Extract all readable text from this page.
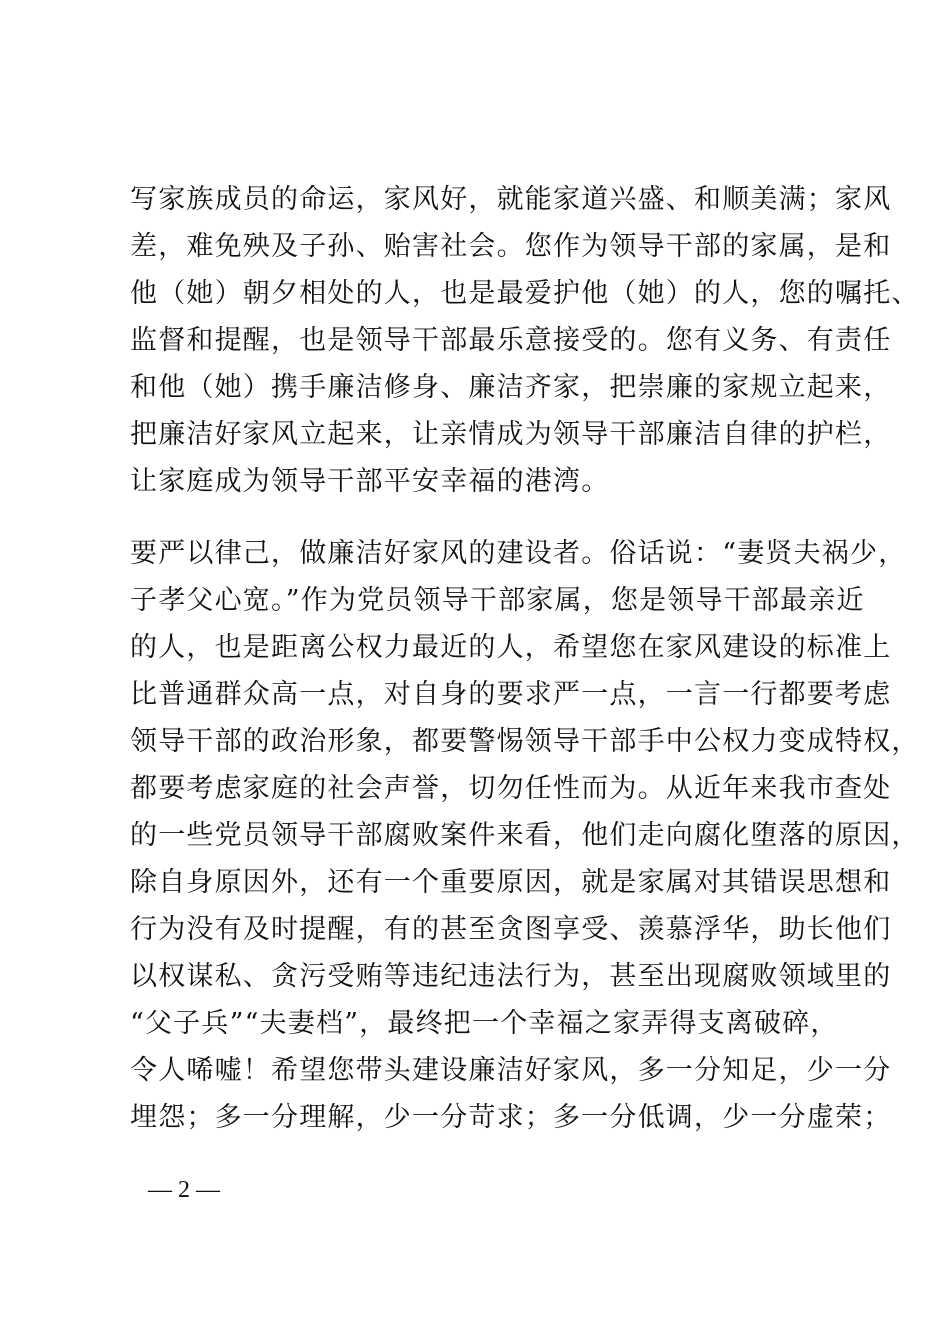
写家族成员的命运，家风好，就能家道兴盛、和顺美满；家风
差，难免殃及子孙、贻害社会。您作为领导干部的家属，是和
他（她）朝夕相处的人，也是最爱护他（她）的人，您的嘱托、
监督和提醒，也是领导干部最乐意接受的。您有义务、有责任
和他（她）携手廉洁修身、廉洁齐家，把崇廉的家规立起来，
把廉洁好家风立起来，让亲情成为领导干部廉洁自律的护栏，
让家庭成为领导干部平安幸福的港湾。
要严以律己，做廉洁好家风的建设者。俗话说：“妻贤夫祸少，
子孝父心宽。”作为党员领导干部家属，您是领导干部最亲近
的人，也是距离公权力最近的人，希望您在家风建设的标准上
比普通群众高一点，对自身的要求严一点，一言一行都要考虑
领导干部的政治形象，都要警惕领导干部手中公权力变成特权，
都要考虑家庭的社会声誉，切勿任性而为。从近年来我市查处
的一些党员领导干部腐败案件来看，他们走向腐化堕落的原因，
除自身原因外，还有一个重要原因，就是家属对其错误思想和
行为没有及时提醒，有的甚至贪图享受、羡慕浮华，助长他们
以权谋私、贪污受贿等违纪违法行为，甚至出现腐败领域里的
“父子兵”“夫妻档”，最终把一个幸福之家弄得支离破碎，
令人唏嘘！希望您带头建设廉洁好家风，多一分知足，少一分
埋怨；多一分理解，少一分苛求；多一分低调，少一分虚荣；
— 2 —
